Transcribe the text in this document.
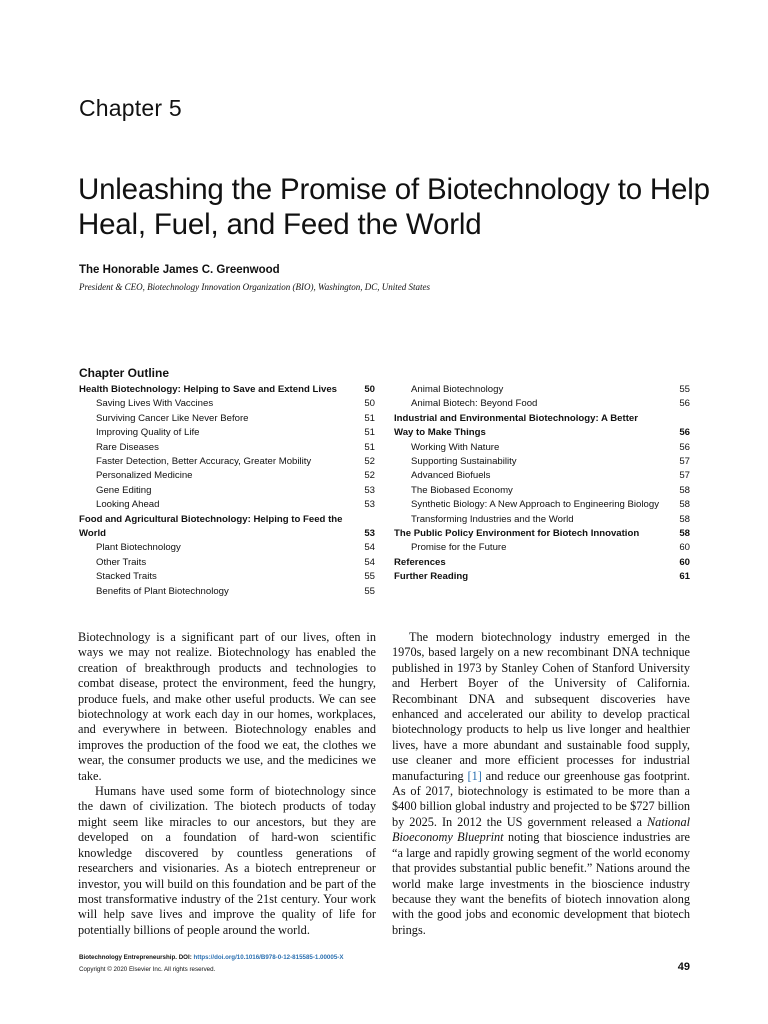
Chapter 5
Unleashing the Promise of Biotechnology to Help Heal, Fuel, and Feed the World
The Honorable James C. Greenwood
President & CEO, Biotechnology Innovation Organization (BIO), Washington, DC, United States
Chapter Outline
Health Biotechnology: Helping to Save and Extend Lives	50
Saving Lives With Vaccines	50
Surviving Cancer Like Never Before	51
Improving Quality of Life	51
Rare Diseases	51
Faster Detection, Better Accuracy, Greater Mobility	52
Personalized Medicine	52
Gene Editing	53
Looking Ahead	53
Food and Agricultural Biotechnology: Helping to Feed the
World	53
Plant Biotechnology	54
Other Traits	54
Stacked Traits	55
Benefits of Plant Biotechnology	55
Animal Biotechnology	55
Animal Biotech: Beyond Food	56
Industrial and Environmental Biotechnology: A Better
Way to Make Things	56
Working With Nature	56
Supporting Sustainability	57
Advanced Biofuels	57
The Biobased Economy	58
Synthetic Biology: A New Approach to Engineering Biology	58
Transforming Industries and the World	58
The Public Policy Environment for Biotech Innovation	58
Promise for the Future	60
References	60
Further Reading	61

Biotechnology is a significant part of our lives, often in ways we may not realize. Biotechnology has enabled the creation of breakthrough products and technologies to combat disease, protect the environment, feed the hungry, produce fuels, and make other useful products. We can see biotechnology at work each day in our homes, workplaces, and everywhere in between. Biotechnology enables and improves the production of the food we eat, the clothes we wear, the consumer products we use, and the medicines we take.

Humans have used some form of biotechnology since the dawn of civilization. The biotech products of today might seem like miracles to our ancestors, but they are developed on a foundation of hard-won scientific knowledge discovered by countless generations of researchers and visionaries. As a biotech entrepreneur or investor, you will build on this foundation and be part of the most transformative industry of the 21st century. Your work will help save lives and improve the quality of life for potentially billions of people around the world.

The modern biotechnology industry emerged in the 1970s, based largely on a new recombinant DNA technique published in 1973 by Stanley Cohen of Stanford University and Herbert Boyer of the University of California. Recombinant DNA and subsequent discoveries have enhanced and accelerated our ability to develop practical biotechnology products to help us live longer and healthier lives, have a more abundant and sustainable food supply, use cleaner and more efficient processes for industrial manufacturing [1] and reduce our greenhouse gas footprint. As of 2017, biotechnology is estimated to be more than a $400 billion global industry and projected to be $727 billion by 2025. In 2012 the US government released a National Bioeconomy Blueprint noting that bioscience industries are “a large and rapidly growing segment of the world economy that provides substantial public benefit.” Nations around the world make large investments in the bioscience industry because they want the benefits of biotech innovation along with the good jobs and economic development that biotech brings.

Biotechnology Entrepreneurship. DOI: https://doi.org/10.1016/B978-0-12-815585-1.00005-X
Copyright © 2020 Elsevier Inc. All rights reserved.	49
